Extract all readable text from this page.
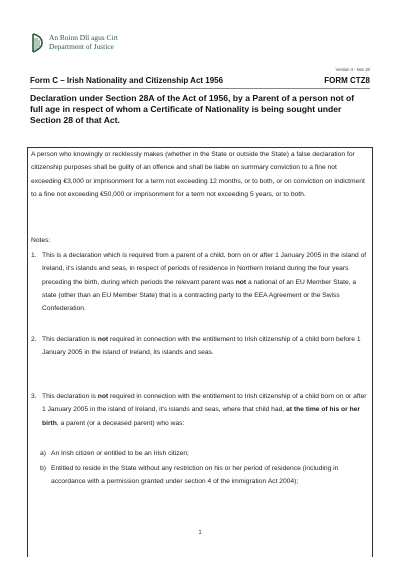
An Roinn Dlí agus Cirt
Department of Justice
Version 4 - Nov 20
Form C – Irish Nationality and Citizenship Act 1956	FORM CTZ8
Declaration under Section 28A of the Act of 1956, by a Parent of a person not of full age in respect of whom a Certificate of Nationality is being sought under Section 28 of that Act.
A person who knowingly or recklessly makes (whether in the State or outside the State) a false declaration for citizenship purposes shall be guilty of an offence and shall be liable on summary conviction to a fine not exceeding €3,000 or imprisonment for a term not exceeding 12 months, or to both, or on conviction on indictment to a fine not exceeding €50,000 or imprisonment for a term not exceeding 5 years, or to both.
Notes:
1. This is a declaration which is required from a parent of a child, born on or after 1 January 2005 in the island of Ireland, it's islands and seas, in respect of periods of residence in Northern Ireland during the four years preceding the birth, during which periods the relevant parent was not a national of an EU Member State, a state (other than an EU Member State) that is a contracting party to the EEA Agreement or the Swiss Confederation.
2. This declaration is not required in connection with the entitlement to Irish citizenship of a child born before 1 January 2005 in the island of Ireland, its islands and seas.
3. This declaration is not required in connection with the entitlement to Irish citizenship of a child born on or after 1 January 2005 in the island of Ireland, it's islands and seas, where that child had, at the time of his or her birth, a parent (or a deceased parent) who was:
a) An Irish citizen or entitled to be an Irish citizen;
b) Entitled to reside in the State without any restriction on his or her period of residence (including in accordance with a permission granted under section 4 of the immigration Act 2004);
1
